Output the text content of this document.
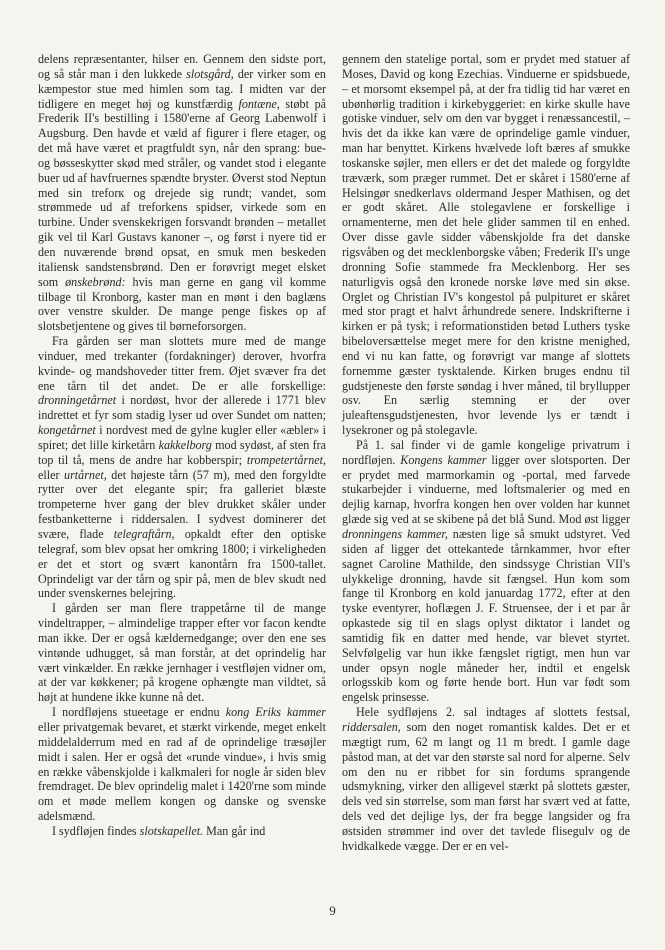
delens repræsentanter, hilser en. Gennem den sidste port, og så står man i den lukkede slotsgård, der virker som en kæmpestor stue med himlen som tag. I midten var der tidligere en meget høj og kunstfærdig fontæne, støbt på Frederik II's bestilling i 1580'erne af Georg Labenwolf i Augsburg. Den havde et væld af figurer i flere etager, og det må have været et pragtfuldt syn, når den sprang: bue- og bøsseskytter skød med stråler, og vandet stod i elegante buer ud af havfruernes spændte bryster. Øverst stod Neptun med sin treforк og drejede sig rundt; vandet, som strømmede ud af treforkens spidser, virkede som en turbine. Under svenskekrigen forsvandt brønden – metallet gik vel til Karl Gustavs kanoner –, og først i nyere tid er den nuværende brønd opsat, en smuk men beskeden italiensk sandstensbrønd. Den er forøvrigt meget elsket som ønskebrønd: hvis man gerne en gang vil komme tilbage til Kronborg, kaster man en mønt i den baglæns over venstre skulder. De mange penge fiskes op af slotsbetjentene og gives til børneforsorgen.

Fra gården ser man slottets mure med de mange vinduer, med trekanter (fordakninger) derover, hvorfra kvinde- og mandshoveder titter frem. Øjet svæver fra det ene tårn til det andet. De er alle forskellige: dronningetårnet i nordøst, hvor der allerede i 1771 blev indrettet et fyr som stadig lyser ud over Sundet om natten; kongetårnet i nordvest med de gylne kugler eller «æbler» i spiret; det lille kirketårn kakkelborg mod sydøst, af sten fra top til tå, mens de andre har kobberspir; trompetertårnet, eller urtårnet, det højeste tårn (57 m), med den forgyldte rytter over det elegante spir; fra galleriet blæste trompeterne hver gang der blev drukket skåler under festbanketterne i riddersalen. I sydvest dominerer det svære, flade telegraftårn, opkaldt efter den optiske telegraf, som blev opsat her omkring 1800; i virkeligheden er det et stort og svært kanontårn fra 1500-tallet. Oprindeligt var der tårn og spir på, men de blev skudt ned under svenskernes belejring.

I gården ser man flere trappetårne til de mange vindeltrapper, – almindelige trapper efter vor facon kendte man ikke. Der er også kældernedgange; over den ene ses vintønde udhugget, så man forstår, at det oprindelig har vært vinkælder. En række jernhager i vestfløjen vidner om, at der var køkkener; på krogene ophængte man vildtet, så højt at hundene ikke kunne nå det.

I nordfløjens stueetage er endnu kong Eriks kammer eller privatgemak bevaret, et stærkt virkende, meget enkelt middelalderrum med en rad af de oprindelige træsøjler midt i salen. Her er også det «runde vindue», i hvis smig en række våbenskjolde i kalkmaleri for nogle år siden blev fremdraget. De blev oprindelig malet i 1420'rne som minde om et møde mellem kongen og danske og svenske adelsmænd.

I sydfløjen findes slotskapellet. Man går ind

gennem den statelige portal, som er prydet med statuer af Moses, David og kong Ezechias. Vinduerne er spidsbuede, – et morsomt eksempel på, at der fra tidlig tid har været en ubønhørlig tradition i kirkebyggeriet: en kirke skulle have gotiske vinduer, selv om den var bygget i renæssancestil, – hvis det da ikke kan være de oprindelige gamle vinduer, man har benyttet. Kirkens hvælvede loft bæres af smukke toskanske søjler, men ellers er det det malede og forgyldte træværk, som præger rummet. Det er skåret i 1580'erne af Helsingør snedkerlavs oldermand Jesper Mathisen, og det er godt skåret. Alle stolegavlene er forskellige i ornamenterne, men det hele glider sammen til en enhed. Over disse gavle sidder våbenskjolde fra det danske rigsvåben og det mecklenborgske våben; Frederik II's unge dronning Sofie stammede fra Mecklenborg. Her ses naturligvis også den kronede norske løve med sin økse. Orglet og Christian IV's kongestol på pulpituret er skåret med stor pragt et halvt århundrede senere. Indskrifterne i kirken er på tysk; i reformationstiden betød Luthers tyske bibeloversættelse meget mere for den kristne menighed, end vi nu kan fatte, og forøvrigt var mange af slottets fornemme gæster tysktalende. Kirken bruges endnu til gudstjeneste den første søndag i hver måned, til bryllupper osv. En særlig stemning er der over juleaftensgudstjenesten, hvor levende lys er tændt i lysekroner og på stolegavle.

På 1. sal finder vi de gamle kongelige privatrum i nordfløjen. Kongens kammer ligger over slotsporten. Der er prydet med marmorkamin og -portal, med farvede stukarbejder i vinduerne, med loftsmalerier og med en dejlig karnap, hvorfra kongen hen over volden har kunnet glæde sig ved at se skibene på det blå Sund. Mod øst ligger dronningens kammer, næsten lige så smukt udstyret. Ved siden af ligger det ottekantede tårnkammer, hvor efter sagnet Caroline Mathilde, den sindssyge Christian VII's ulykkelige dronning, havde sit fængsel. Hun kom som fange til Kronborg en kold januardag 1772, efter at den tyske eventyrer, hoflægen J. F. Struensee, der i et par år opkastede sig til en slags oplyst diktator i landet og samtidig fik en datter med hende, var blevet styrtet. Selvfølgelig var hun ikke fængslet rigtigt, men hun var under opsyn nogle måneder her, indtil et engelsk orlogsskib kom og førte hende bort. Hun var født som engelsk prinsesse.

Hele sydfløjens 2. sal indtages af slottets festsal, riddersalen, som den noget romantisk kaldes. Det er et mægtigt rum, 62 m langt og 11 m bredt. I gamle dage påstod man, at det var den største sal nord for alperne. Selv om den nu er ribbet for sin fordums sprangende udsmykning, virker den alligevel stærkt på slottets gæster, dels ved sin størrelse, som man først har svært ved at fatte, dels ved det dejlige lys, der fra begge langsider og fra østsiden strømmer ind over det tavlede flisegulv og de hvidkalkede vægge. Der er en vel-

9
